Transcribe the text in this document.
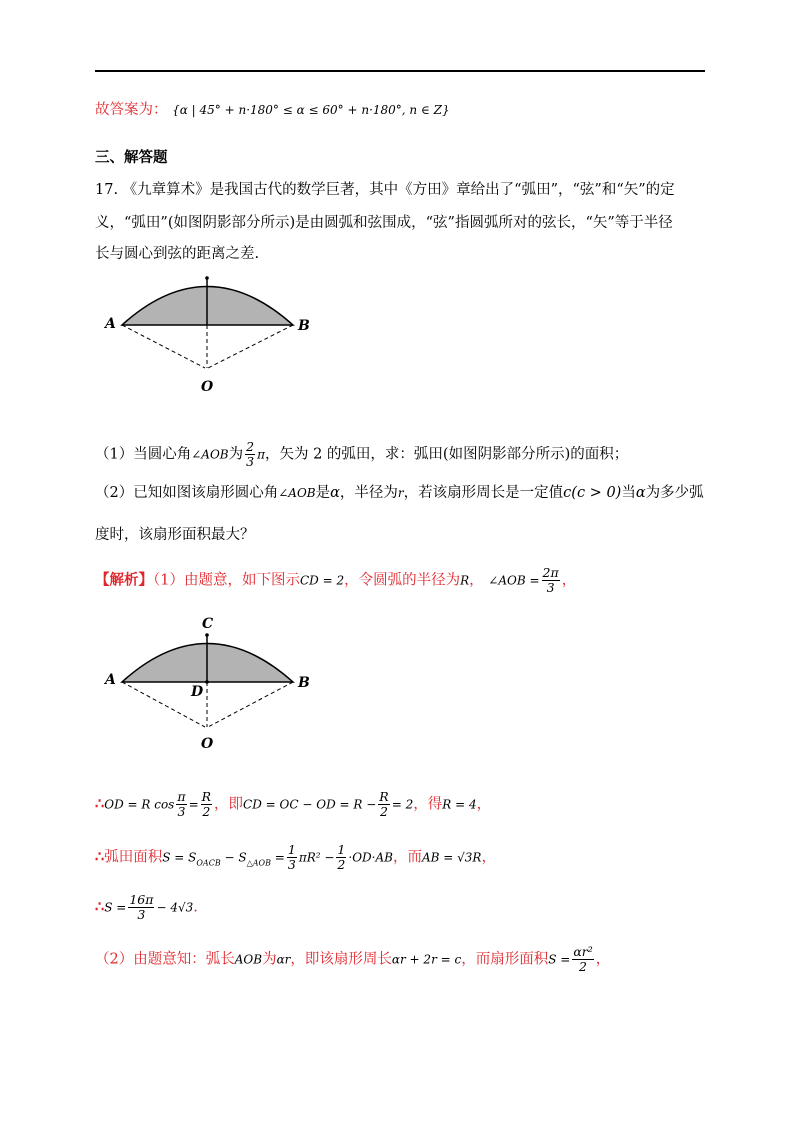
故答案为： {α | 45° + n·180° ≤ α ≤ 60° + n·180°, n ∈ Z}
三、解答题
17. 《九章算术》是我国古代的数学巨著，其中《方田》章给出了“弧田”，“弦”和“矢”的定
义，“弧田”(如图阴影部分所示)是由圆弧和弦围成，“弦”指圆弧所对的弦长，“矢”等于半径
长与圆心到弦的距离之差.
A	B
O
（1）当圆心角∠AOB为 $\frac{2}{3}$ π，矢为 2 的弧田，求：弧田(如图阴影部分所示)的面积；
（2）已知如图该扇形圆心角∠AOB是α，半径为r，若该扇形周长是一定值c(c > 0)当α为多少弧
度时，该扇形面积最大？
【解析】（1）由题意，如下图示CD = 2，令圆弧的半径为R， ∠AOB = $\frac{2\pi}{3}$ ，
C
A
D
B
O
∴OD = R $\cos \frac{\pi}{3} = \frac{R}{2}$ ，即CD = OC − OD = $R - \frac{R}{2} = 2$，得R = 4，
∴弧田面积$S = S_{OACB} - S_{\triangle AOB} = \frac{1}{3} \pi R^2 - \frac{1}{2} \cdot OD\cdot AB$，而AB = √3R，
∴S = $\frac{16\pi}{3} - 4√3$.
（2）由题意知：弧长AOB为αr，即该扇形周长αr + 2r = c，而扇形面积$S = \frac{\text{αr²}}{2}$ ，
